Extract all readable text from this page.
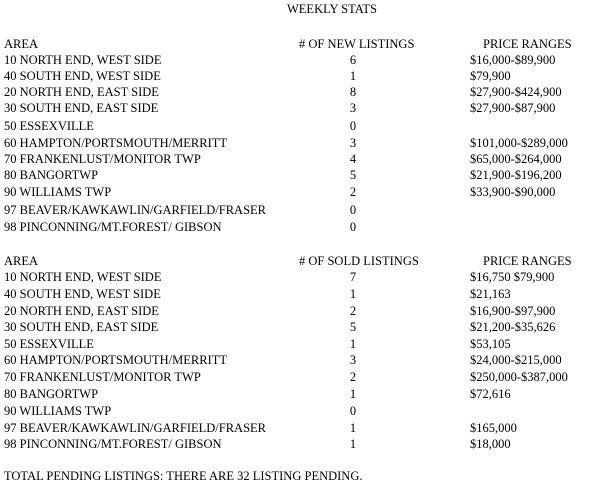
WEEKLY STATS
AREA	# OF NEW LISTINGS	PRICE RANGES
10 NORTH END, WEST SIDE	6	$16,000-$89,900
40 SOUTH END, WEST SIDE	1	$79,900
20 NORTH END, EAST SIDE	8	$27,900-$424,900
30 SOUTH END, EAST SIDE	3	$27,900-$87,900
50 ESSEXVILLE	0
60 HAMPTON/PORTSMOUTH/MERRITT	3	$101,000-$289,000
70 FRANKENLUST/MONITOR TWP	4	$65,000-$264,000
80 BANGORTWP	5	$21,900-$196,200
90 WILLIAMS TWP	2	$33,900-$90,000
97 BEAVER/KAWKAWLIN/GARFIELD/FRASER	0
98 PINCONNING/MT.FOREST/ GIBSON	0
AREA	# OF SOLD LISTINGS	PRICE RANGES
10 NORTH END, WEST SIDE	7	$16,750 $79,900
40 SOUTH END, WEST SIDE	1	$21,163
20 NORTH END, EAST SIDE	2	$16,900-$97,900
30 SOUTH END, EAST SIDE	5	$21,200-$35,626
50 ESSEXVILLE	1	$53,105
60 HAMPTON/PORTSMOUTH/MERRITT	3	$24,000-$215,000
70 FRANKENLUST/MONITOR TWP	2	$250,000-$387,000
80 BANGORTWP	1	$72,616
90 WILLIAMS TWP	0
97 BEAVER/KAWKAWLIN/GARFIELD/FRASER	1	$165,000
98 PINCONNING/MT.FOREST/ GIBSON	1	$18,000
TOTAL PENDING LISTINGS: THERE ARE 32 LISTING PENDING.
